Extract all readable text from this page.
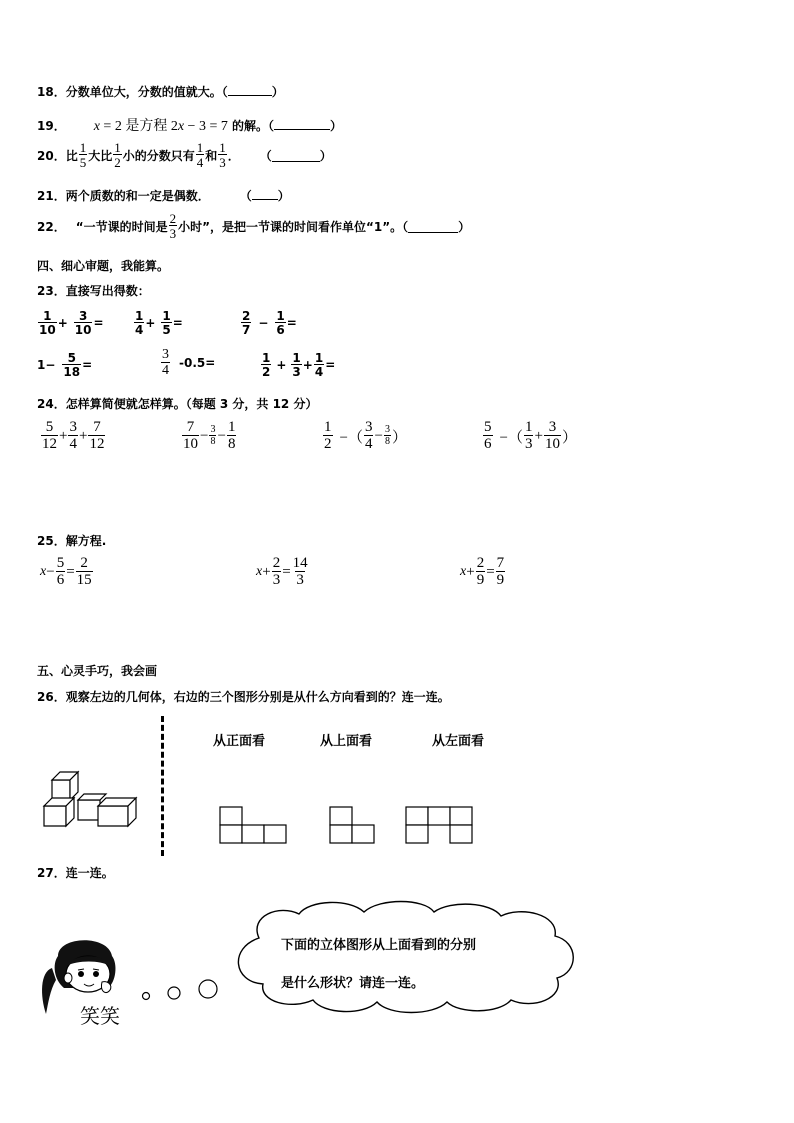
18．分数单位大，分数的值就大。（	）
19． x = 2 是方程 2x − 3 = 7 的解。（	）
20． 比 $\frac{1}{5}$ 大比 $\frac{1}{2}$ 小的分数只有 $\frac{1}{4}$ 和 $\frac{1}{3}$ ． （	）
21．两个质数的和一定是偶数．	（ ）
22． “一节课的时间是 $\frac{2}{3}$ 小时”，是把一节课的时间看作单位“1”。（	）
四、细心审题，我能算。
23．直接写出得数：
$\frac{1}{10} + \frac{3}{10}$ =	$\frac{1}{4} + \frac{1}{5}$ =	$\frac{2}{7} - \frac{1}{6}$ =
$1- \frac{5}{18}$ =	$\frac{3}{4} -0.5=$	$\frac{1}{2} + \frac{1}{3} + \frac{1}{4}$ =
24．怎样算简便就怎样算。（每题 3 分，共 12 分）
$\frac{5}{12} + \frac{3}{4} + \frac{7}{12}$	$\frac{7}{10} - \frac{3}{8} - \frac{1}{8}$	$\frac{1}{2}$ −（ $\frac{3}{4} - \frac{3}{8}$ ）	$\frac{5}{6}$ −（ $\frac{1}{3} + \frac{3}{10}$ ）
25．解方程.
$x - \frac{5}{6} = \frac{2}{15}$	$x + \frac{2}{3} = \frac{14}{3}$	$x + \frac{2}{9} = \frac{7}{9}$
五、心灵手巧，我会画
26．观察左边的几何体，右边的三个图形分别是从什么方向看到的？连一连。
从正面看	从上面看	从左面看
27．连一连。
笑笑
下面的立体图形从上面看到的分别
是什么形状？请连一连。
